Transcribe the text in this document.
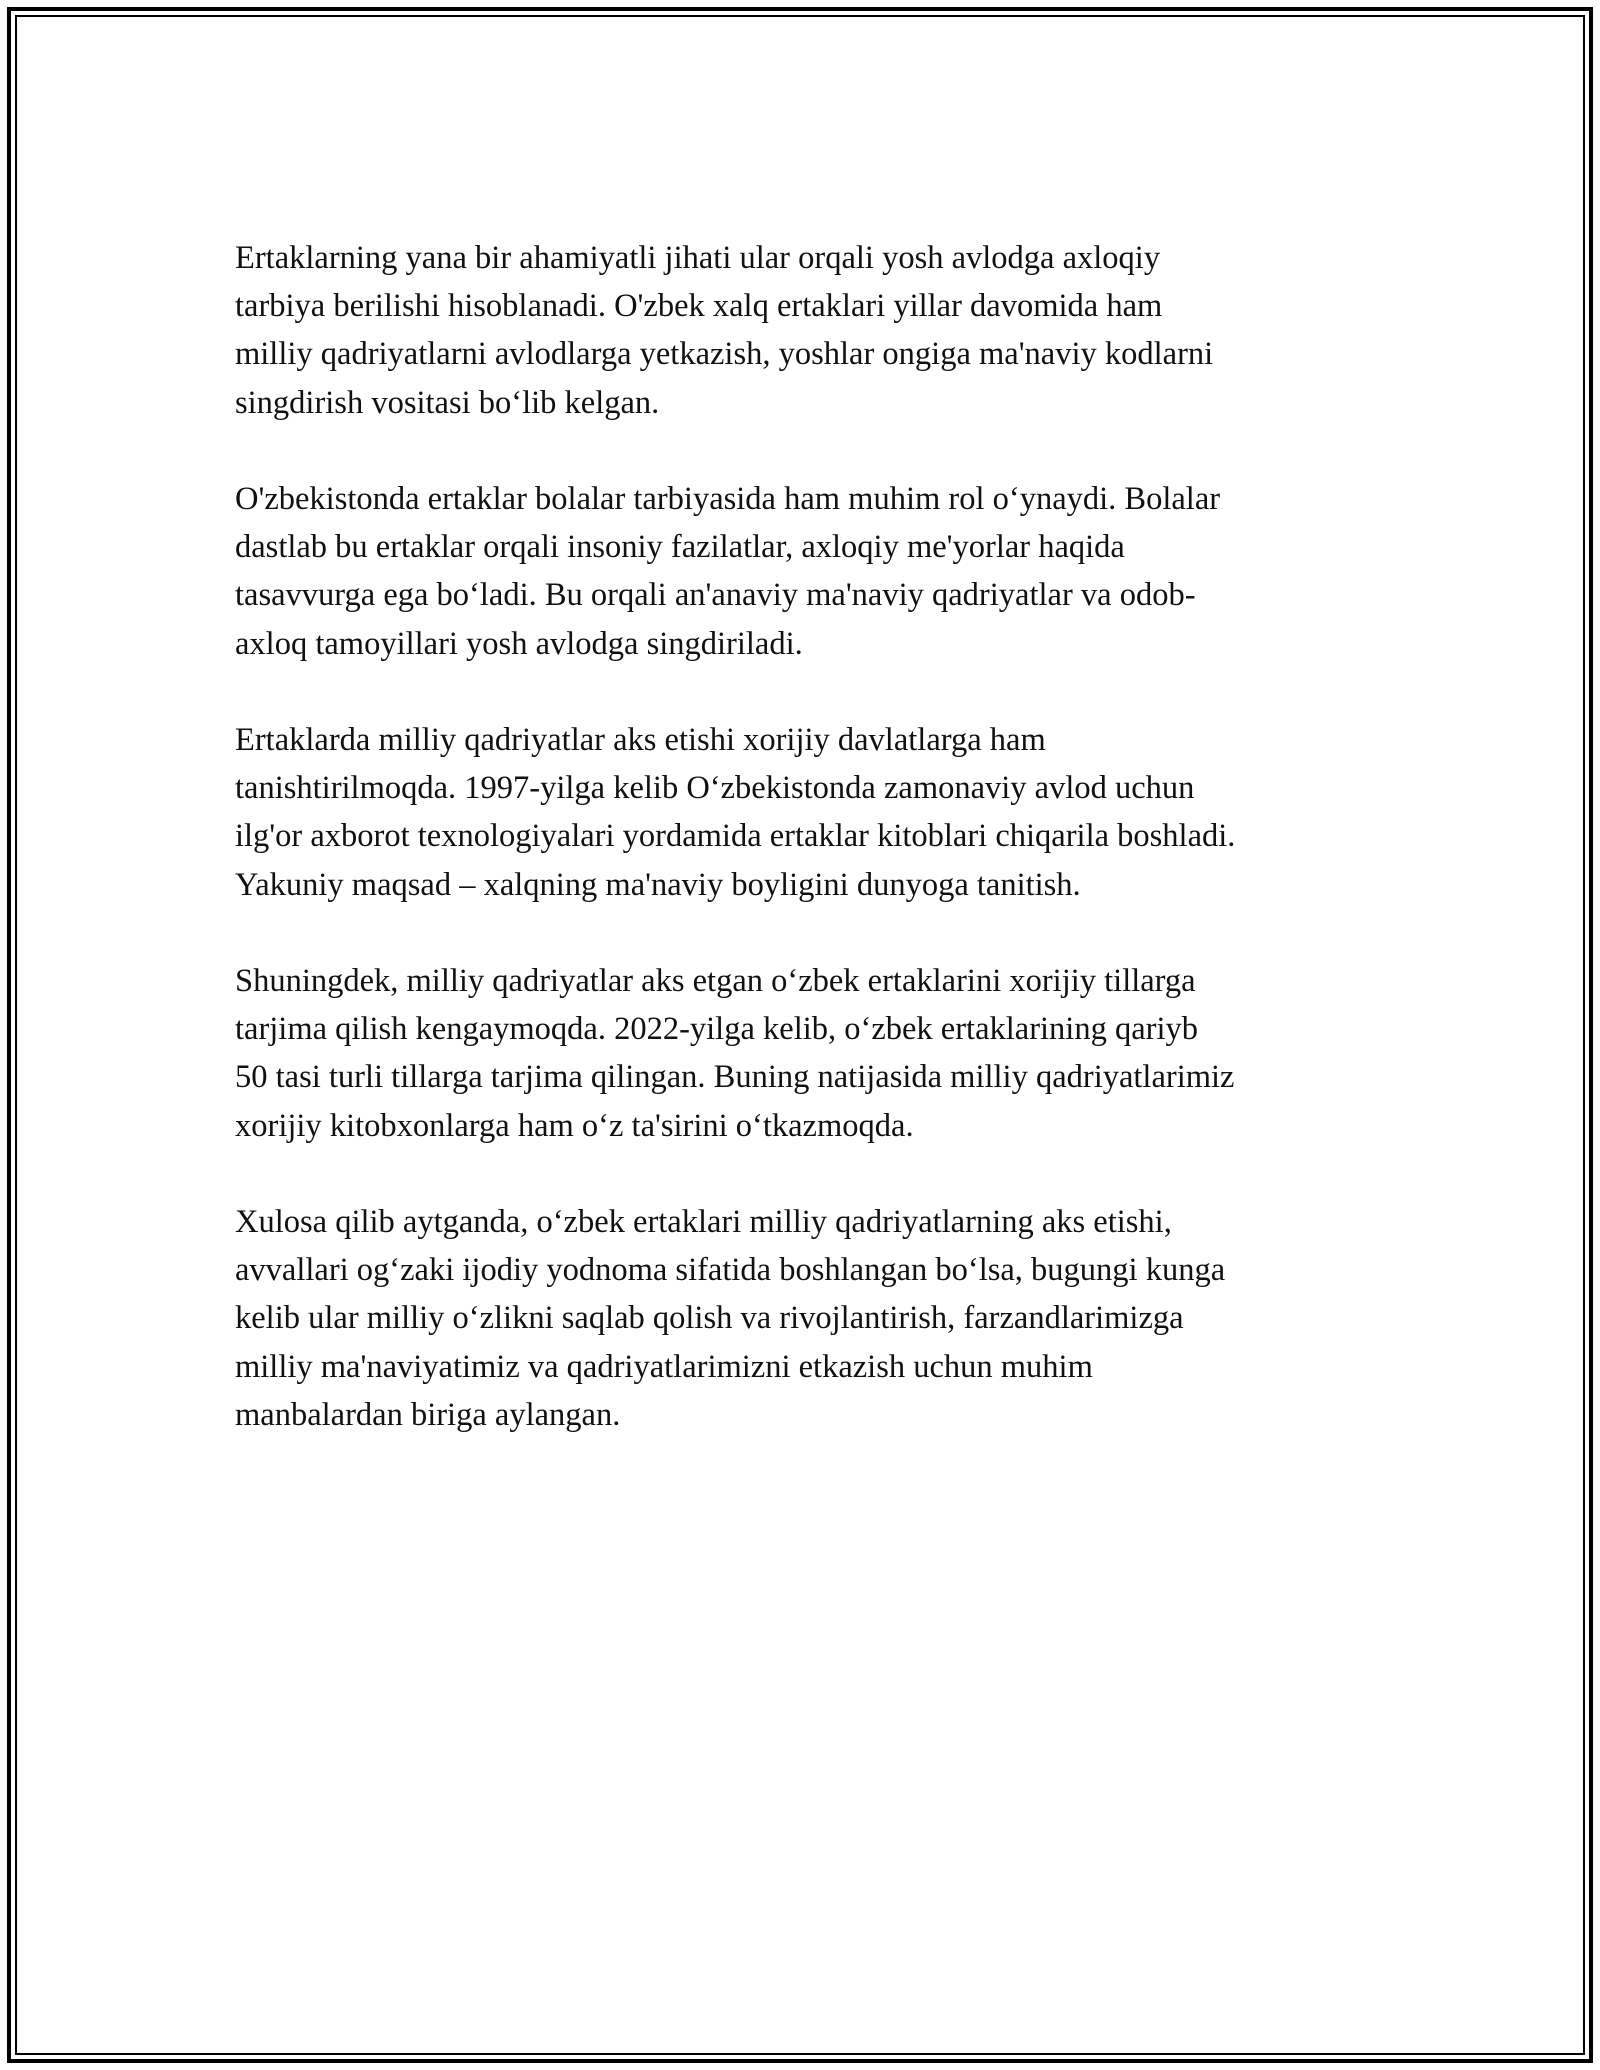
Ertaklarning yana bir ahamiyatli jihati ular orqali yosh avlodga axloqiy
tarbiya berilishi hisoblanadi. O'zbek xalq ertaklari yillar davomida ham
milliy qadriyatlarni avlodlarga yetkazish, yoshlar ongiga ma'naviy kodlarni
singdirish vositasi bo‘lib kelgan.

O'zbekistonda ertaklar bolalar tarbiyasida ham muhim rol o‘ynaydi. Bolalar
dastlab bu ertaklar orqali insoniy fazilatlar, axloqiy me'yorlar haqida
tasavvurga ega bo‘ladi. Bu orqali an'anaviy ma'naviy qadriyatlar va odob-
axloq tamoyillari yosh avlodga singdiriladi.

Ertaklarda milliy qadriyatlar aks etishi xorijiy davlatlarga ham
tanishtirilmoqda. 1997-yilga kelib O‘zbekistonda zamonaviy avlod uchun
ilg'or axborot texnologiyalari yordamida ertaklar kitoblari chiqarila boshladi.
Yakuniy maqsad – xalqning ma'naviy boyligini dunyoga tanitish.

Shuningdek, milliy qadriyatlar aks etgan o‘zbek ertaklarini xorijiy tillarga
tarjima qilish kengaymoqda. 2022-yilga kelib, o‘zbek ertaklarining qariyb
50 tasi turli tillarga tarjima qilingan. Buning natijasida milliy qadriyatlarimiz
xorijiy kitobxonlarga ham o‘z ta'sirini o‘tkazmoqda.

Xulosa qilib aytganda, o‘zbek ertaklari milliy qadriyatlarning aks etishi,
avvallari og‘zaki ijodiy yodnoma sifatida boshlangan bo‘lsa, bugungi kunga
kelib ular milliy o‘zlikni saqlab qolish va rivojlantirish, farzandlarimizga
milliy ma'naviyatimiz va qadriyatlarimizni etkazish uchun muhim
manbalardan biriga aylangan.
